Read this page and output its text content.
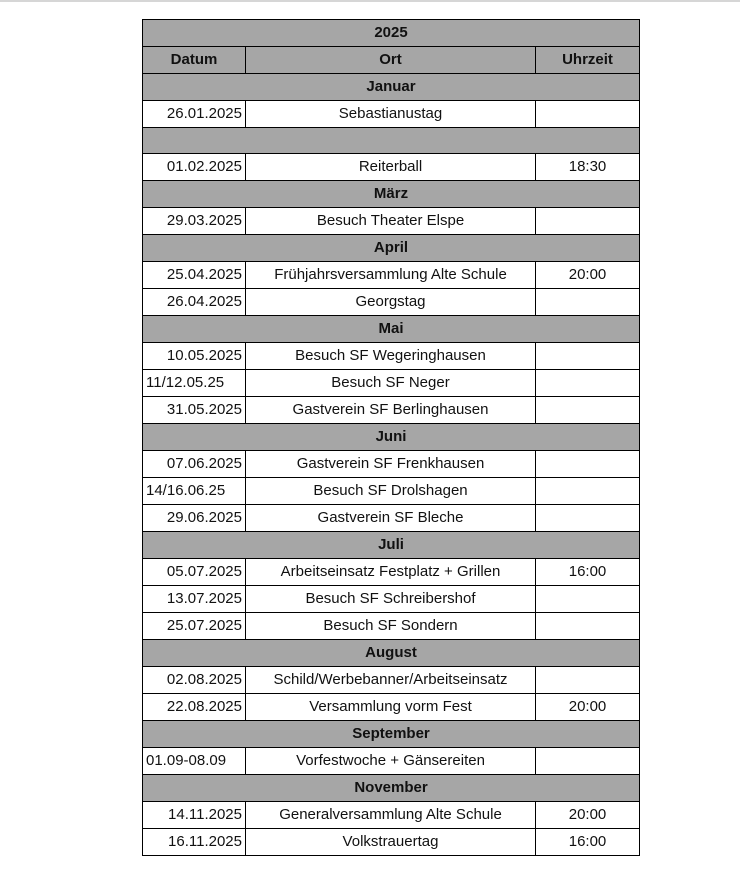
2025		
Datum	Ort	Uhrzeit
Januar		
26.01.2025	Sebastianustag	

01.02.2025	Reiterball	18:30
März		
29.03.2025	Besuch Theater Elspe	
April		
25.04.2025	Frühjahrsversammlung Alte Schule	20:00
26.04.2025	Georgstag	
Mai		
10.05.2025	Besuch SF Wegeringhausen	
11/12.05.25	Besuch SF Neger	
31.05.2025	Gastverein SF Berlinghausen	
Juni		
07.06.2025	Gastverein SF Frenkhausen	
14/16.06.25	Besuch SF Drolshagen	
29.06.2025	Gastverein SF Bleche	
Juli		
05.07.2025	Arbeitseinsatz Festplatz + Grillen	16:00
13.07.2025	Besuch SF Schreibershof	
25.07.2025	Besuch SF Sondern	
August		
02.08.2025	Schild/Werbebanner/Arbeitseinsatz	
22.08.2025	Versammlung vorm Fest	20:00
September		
01.09-08.09	Vorfestwoche + Gänsereiten	
November		
14.11.2025	Generalversammlung Alte Schule	20:00
16.11.2025	Volkstrauertag	16:00
